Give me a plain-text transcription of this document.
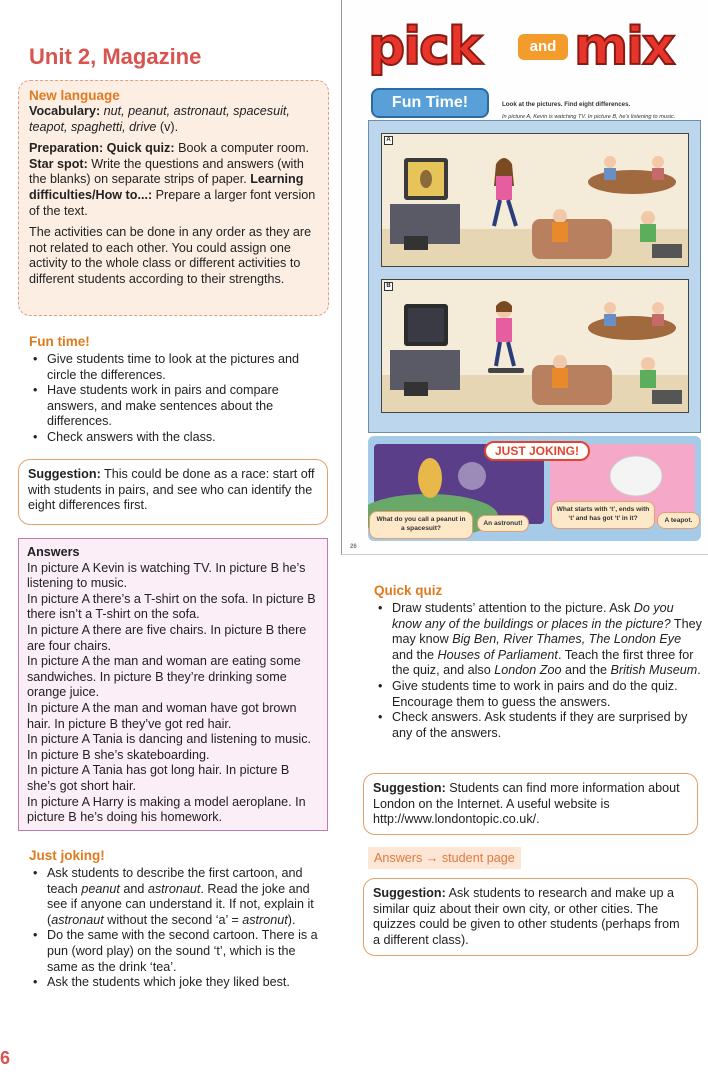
Unit 2, Magazine
New language
Vocabulary: nut, peanut, astronaut, spacesuit, teapot, spaghetti, drive (v).
Preparation: Quick quiz: Book a computer room. Star spot: Write the questions and answers (with the blanks) on separate strips of paper. Learning difficulties/How to...: Prepare a larger font version of the text.
The activities can be done in any order as they are not related to each other. You could assign one activity to the whole class or different activities to different students according to their strengths.
Fun time!
• Give students time to look at the pictures and circle the differences.
• Have students work in pairs and compare answers, and make sentences about the differences.
• Check answers with the class.
Suggestion: This could be done as a race: start off with students in pairs, and see who can identify the eight differences first.
Answers
In picture A Kevin is watching TV. In picture B he’s listening to music.
In picture A there’s a T-shirt on the sofa. In picture B there isn’t a T-shirt on the sofa.
In picture A there are five chairs. In picture B there are four chairs.
In picture A the man and woman are eating some sandwiches. In picture B they’re drinking some orange juice.
In picture A the man and woman have got brown hair. In picture B they’ve got red hair.
In picture A Tania is dancing and listening to music. In picture B she’s skateboarding.
In picture A Tania has got long hair. In picture B she’s got short hair.
In picture A Harry is making a model aeroplane. In picture B he’s doing his homework.
Just joking!
• Ask students to describe the first cartoon, and teach peanut and astronaut. Read the joke and see if anyone can understand it. If not, explain it (astronaut without the second ‘a’ = astronut).
• Do the same with the second cartoon. There is a pun (word play) on the sound ‘t’, which is the same as the drink ‘tea’.
• Ask the students which joke they liked best.
6
pick	and mix
Fun Time!	Look at the pictures. Find eight differences.
In picture A, Kevin is watching TV. In picture B, he’s listening to music.
A
B
JUST JOKING!
What do you call a peanut in a spacesuit?
An astronut!
What starts with ‘t’, ends with ‘t’ and has got ‘t’ in it?	A teapot.
26
Quick quiz
• Draw students’ attention to the picture. Ask Do you know any of the buildings or places in the picture? They may know Big Ben, River Thames, The London Eye and the Houses of Parliament. Teach the first three for the quiz, and also London Zoo and the British Museum.
• Give students time to work in pairs and do the quiz. Encourage them to guess the answers.
• Check answers. Ask students if they are surprised by any of the answers.
Suggestion: Students can find more information about London on the Internet. A useful website is http://www.londontopic.co.uk/.
Answers → student page
Suggestion: Ask students to research and make up a similar quiz about their own city, or other cities. The quizzes could be given to other students (perhaps from a different class).
